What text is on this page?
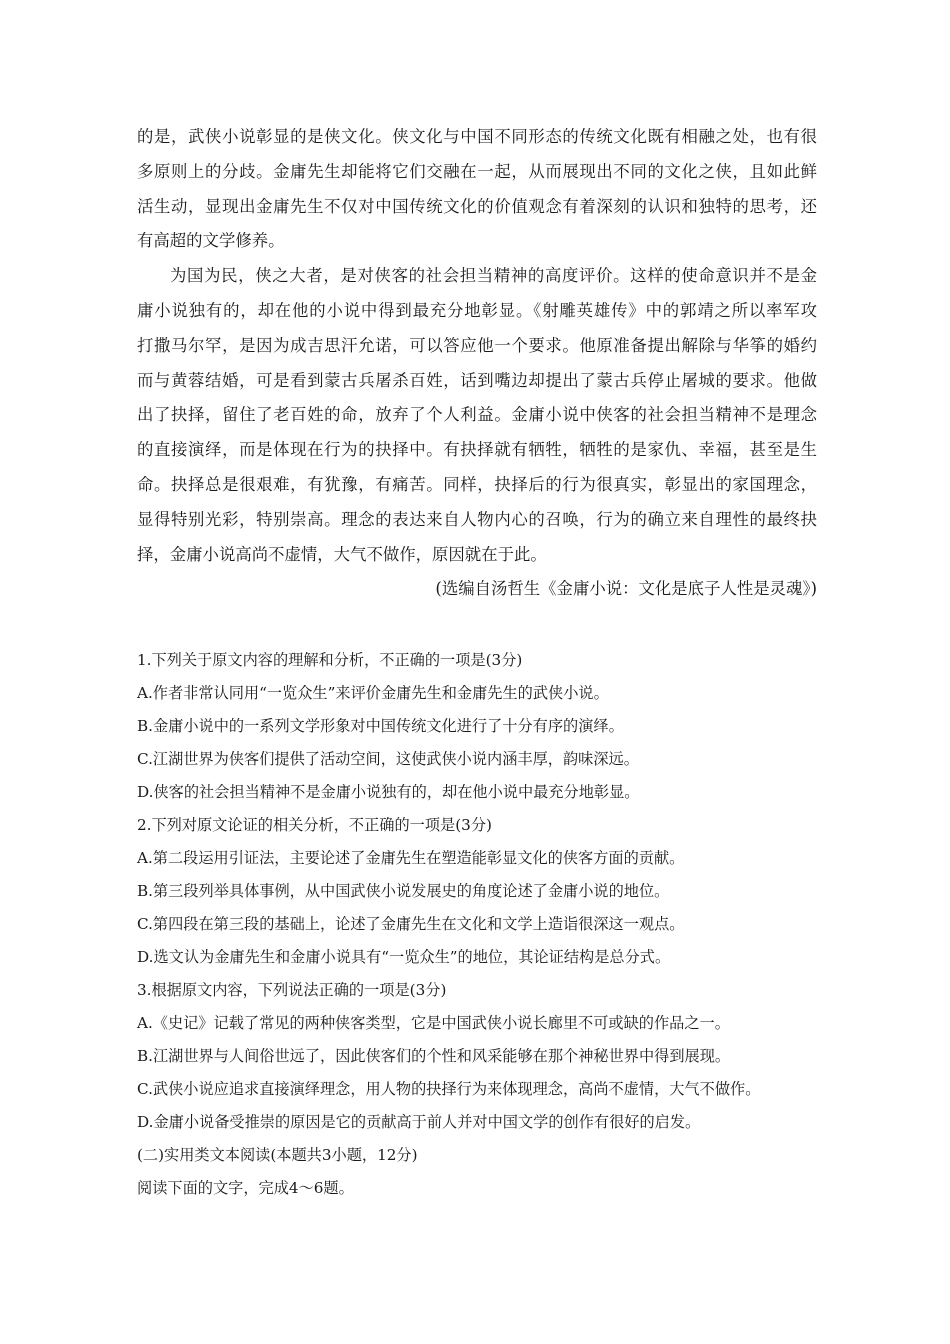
的是，武侠小说彰显的是侠文化。侠文化与中国不同形态的传统文化既有相融之处，也有很
多原则上的分歧。金庸先生却能将它们交融在一起，从而展现出不同的文化之侠，且如此鲜
活生动，显现出金庸先生不仅对中国传统文化的价值观念有着深刻的认识和独特的思考，还
有高超的文学修养。
为国为民，侠之大者，是对侠客的社会担当精神的高度评价。这样的使命意识并不是金
庸小说独有的，却在他的小说中得到最充分地彰显。《射雕英雄传》中的郭靖之所以率军攻
打撒马尔罕，是因为成吉思汗允诺，可以答应他一个要求。他原准备提出解除与华筝的婚约
而与黄蓉结婚，可是看到蒙古兵屠杀百姓，话到嘴边却提出了蒙古兵停止屠城的要求。他做
出了抉择，留住了老百姓的命，放弃了个人利益。金庸小说中侠客的社会担当精神不是理念
的直接演绎，而是体现在行为的抉择中。有抉择就有牺牲，牺牲的是家仇、幸福，甚至是生
命。抉择总是很艰难，有犹豫，有痛苦。同样，抉择后的行为很真实，彰显出的家国理念，
显得特别光彩，特别崇高。理念的表达来自人物内心的召唤，行为的确立来自理性的最终抉
择，金庸小说高尚不虚情，大气不做作，原因就在于此。
(选编自汤哲生《金庸小说：文化是底子人性是灵魂》)
1.下列关于原文内容的理解和分析，不正确的一项是(3分)
A.作者非常认同用“一览众生”来评价金庸先生和金庸先生的武侠小说。
B.金庸小说中的一系列文学形象对中国传统文化进行了十分有序的演绎。
C.江湖世界为侠客们提供了活动空间，这使武侠小说内涵丰厚，韵味深远。
D.侠客的社会担当精神不是金庸小说独有的，却在他小说中最充分地彰显。
2.下列对原文论证的相关分析，不正确的一项是(3分)
A.第二段运用引证法，主要论述了金庸先生在塑造能彰显文化的侠客方面的贡献。
B.第三段列举具体事例，从中国武侠小说发展史的角度论述了金庸小说的地位。
C.第四段在第三段的基础上，论述了金庸先生在文化和文学上造诣很深这一观点。
D.选文认为金庸先生和金庸小说具有“一览众生”的地位，其论证结构是总分式。
3.根据原文内容，下列说法正确的一项是(3分)
A.《史记》记载了常见的两种侠客类型，它是中国武侠小说长廊里不可或缺的作品之一。
B.江湖世界与人间俗世远了，因此侠客们的个性和风采能够在那个神秘世界中得到展现。
C.武侠小说应追求直接演绎理念，用人物的抉择行为来体现理念，高尚不虚情，大气不做作。
D.金庸小说备受推崇的原因是它的贡献高于前人并对中国文学的创作有很好的启发。
(二)实用类文本阅读(本题共3小题，12分)
阅读下面的文字，完成4～6题。
